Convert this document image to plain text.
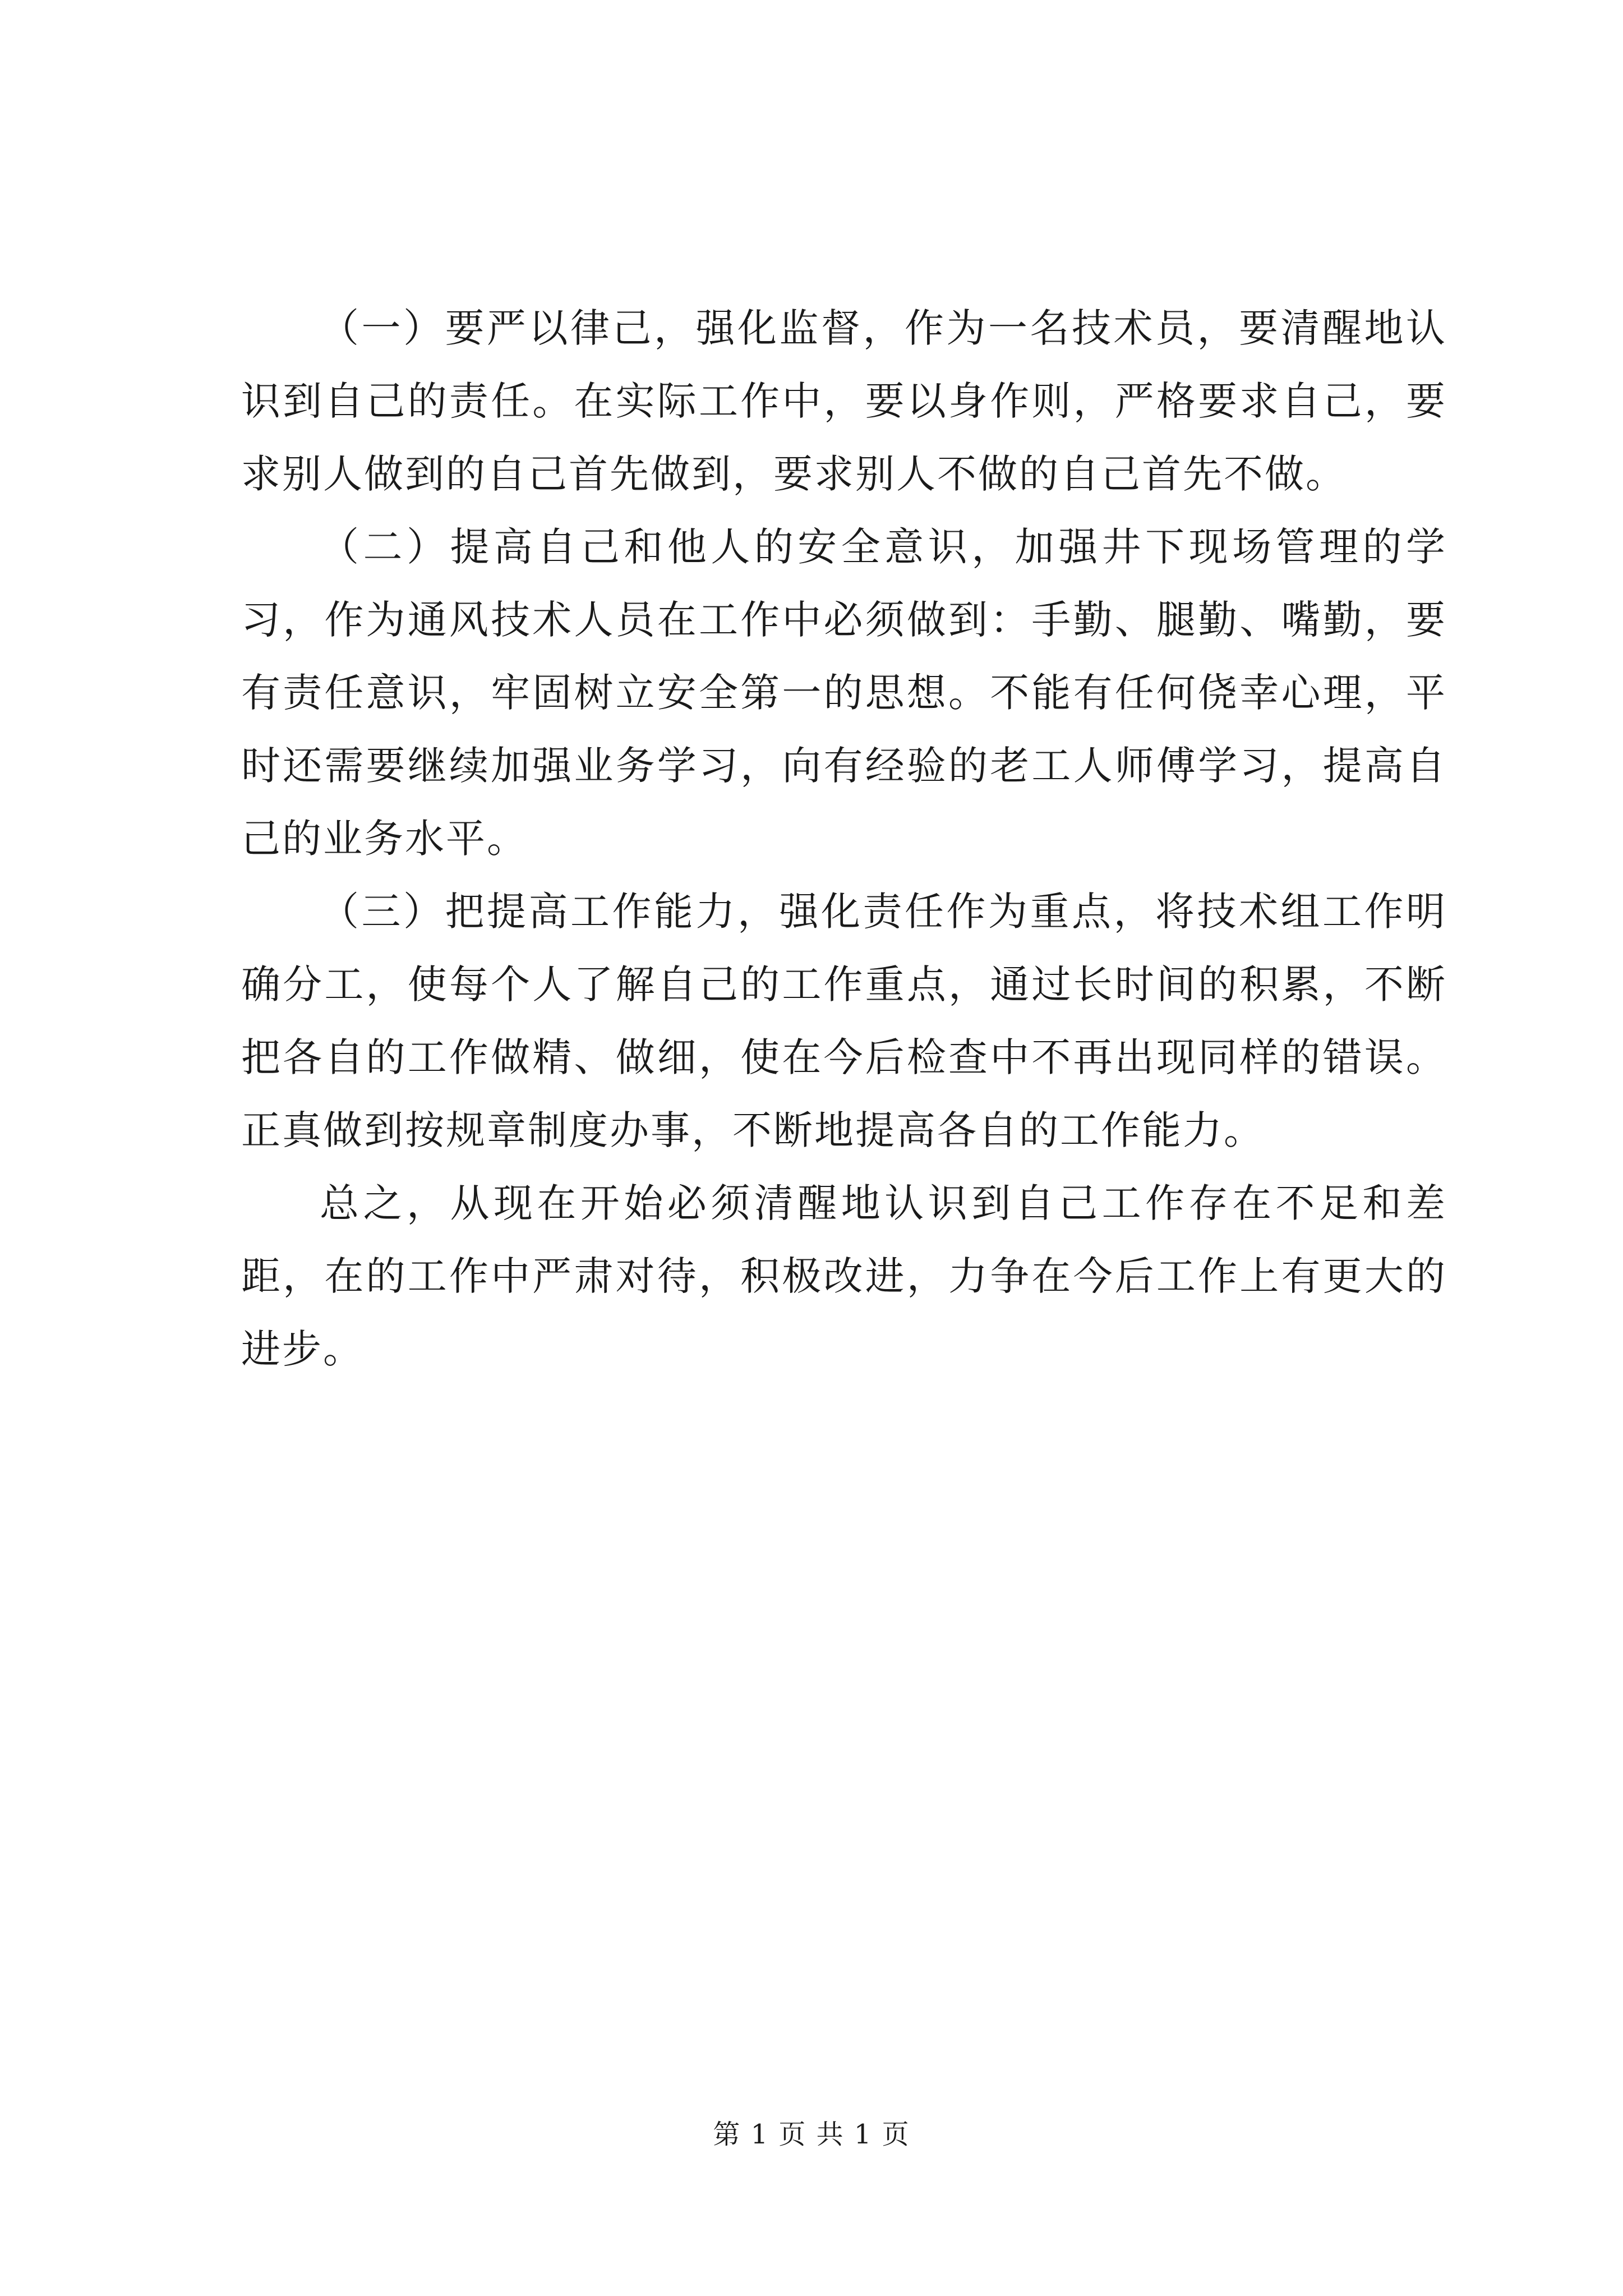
（一）要严以律己，强化监督，作为一名技术员，要清醒地认识到自己的责任。在实际工作中，要以身作则，严格要求自己，要求别人做到的自己首先做到，要求别人不做的自己首先不做。

（二）提高自己和他人的安全意识，加强井下现场管理的学习，作为通风技术人员在工作中必须做到：手勤、腿勤、嘴勤，要有责任意识，牢固树立安全第一的思想。不能有任何侥幸心理，平时还需要继续加强业务学习，向有经验的老工人师傅学习，提高自己的业务水平。

（三）把提高工作能力，强化责任作为重点，将技术组工作明确分工，使每个人了解自己的工作重点，通过长时间的积累，不断把各自的工作做精、做细，使在今后检查中不再出现同样的错误。正真做到按规章制度办事，不断地提高各自的工作能力。

总之，从现在开始必须清醒地认识到自己工作存在不足和差距，在的工作中严肃对待，积极改进，力争在今后工作上有更大的进步。

第 1 页 共 1 页
